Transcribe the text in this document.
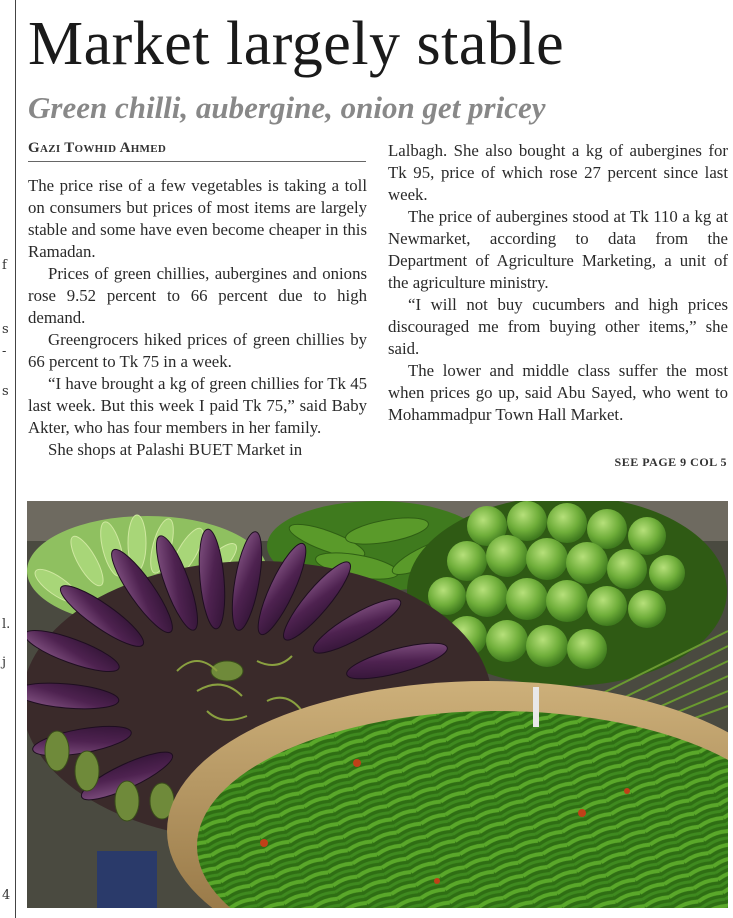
f
s
-
s
l.
j
4
Market largely stable
Green chilli, aubergine, onion get pricey
Gazi Towhid Ahmed

The price rise of a few vegetables is taking a toll on consumers but prices of most items are largely stable and some have even become cheaper in this Ramadan.

Prices of green chillies, aubergines and onions rose 9.52 percent to 66 percent due to high demand.

Greengrocers hiked prices of green chillies by 66 percent to Tk 75 in a week.

“I have brought a kg of green chillies for Tk 45 last week. But this week I paid Tk 75,” said Baby Akter, who has four members in her family.

She shops at Palashi BUET Market in

Lalbagh. She also bought a kg of aubergines for Tk 95, price of which rose 27 percent since last week.

The price of aubergines stood at Tk 110 a kg at Newmarket, according to data from the Department of Agriculture Marketing, a unit of the agriculture ministry.

“I will not buy cucumbers and high prices discouraged me from buying other items,” she said.

The lower and middle class suffer the most when prices go up, said Abu Sayed, who went to Mohammadpur Town Hall Market.

SEE PAGE 9 COL 5
